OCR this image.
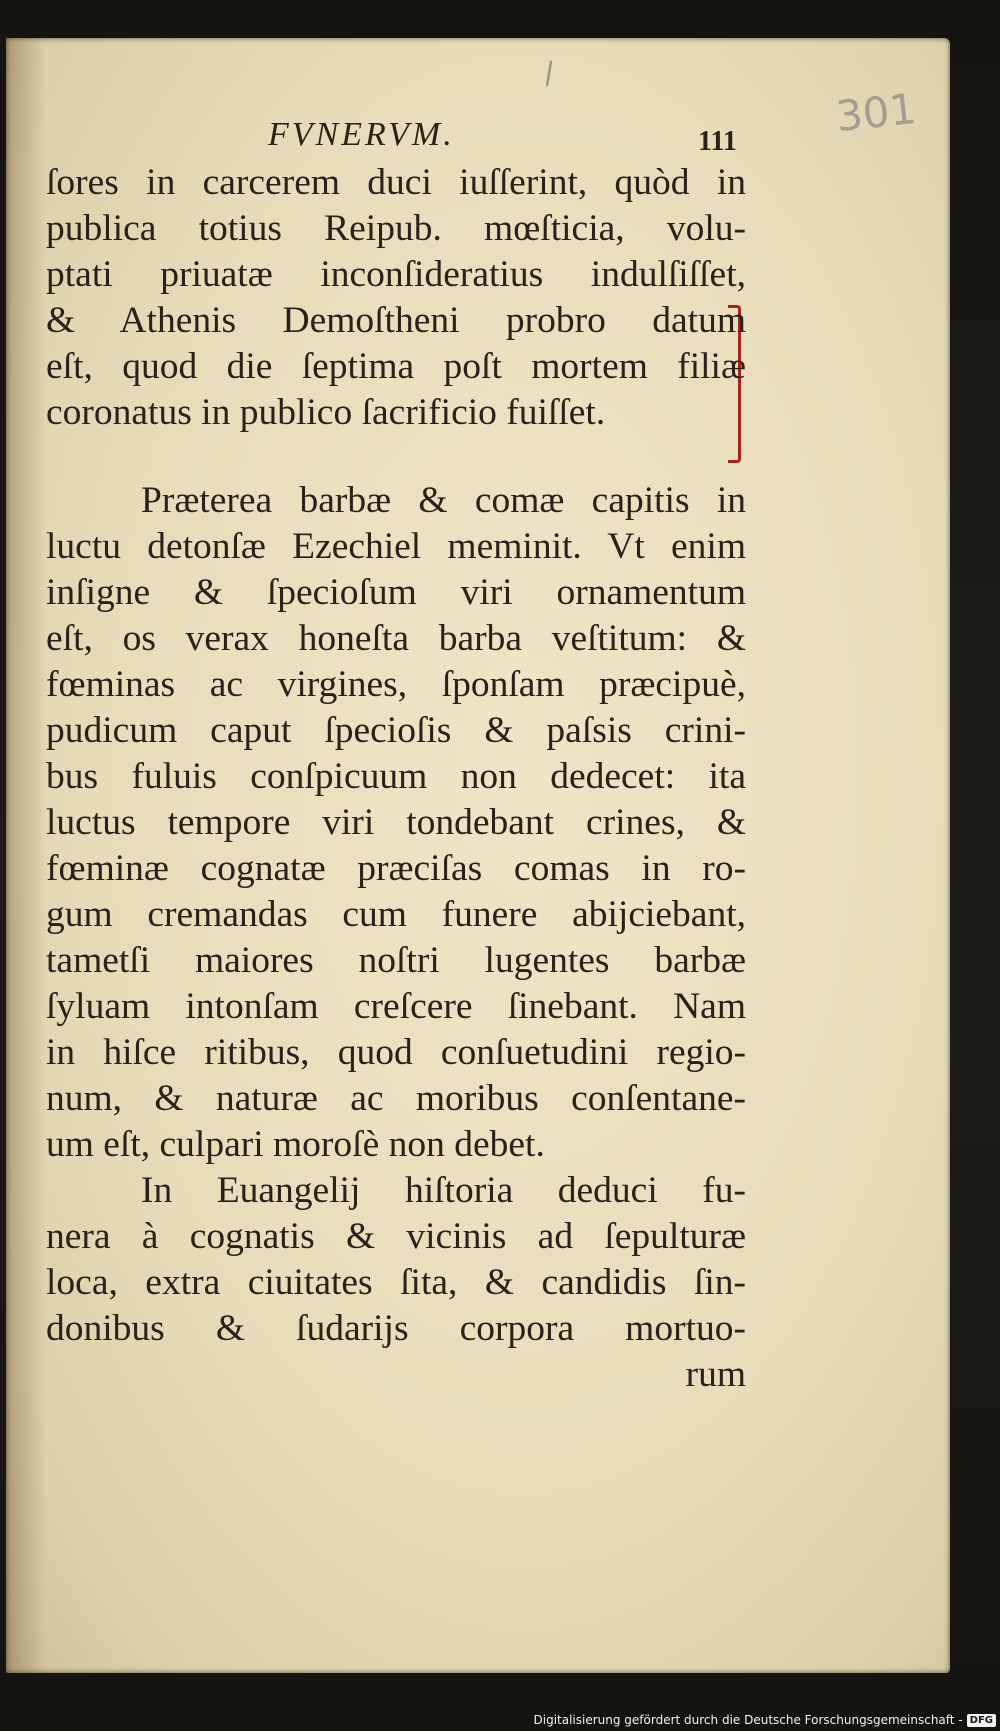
/
301
FVNERVM.	111
ſores in carcerem duci iuſſerint, quòd in
publica totius Reipub. mœſticia, volu-
ptati priuatæ inconſideratius indulſiſſet,
& Athenis Demoſtheni probro datum
eſt, quod die ſeptima poſt mortem filiæ
coronatus in publico ſacrificio fuiſſet.
Præterea barbæ & comæ capitis in
luctu detonſæ Ezechiel meminit. Vt enim
inſigne & ſpecioſum viri ornamentum
eſt, os verax honeſta barba veſtitum: &
fœminas ac virgines, ſponſam præcipuè,
pudicum caput ſpecioſis & paſsis crini-
bus fuluis conſpicuum non dedecet: ita
luctus tempore viri tondebant crines, &
fœminæ cognatæ præciſas comas in ro-
gum cremandas cum funere abijciebant,
tametſi maiores noſtri lugentes barbæ
ſyluam intonſam creſcere ſinebant. Nam
in hiſce ritibus, quod conſuetudini regio-
num, & naturæ ac moribus conſentane-
um eſt, culpari moroſè non debet.
In Euangelij hiſtoria deduci fu-
nera à cognatis & vicinis ad ſepulturæ
loca, extra ciuitates ſita, & candidis ſin-
donibus & ſudarijs corpora mortuo-
rum
Digitalisierung gefördert durch die Deutsche Forschungsgemeinschaft - DFG
